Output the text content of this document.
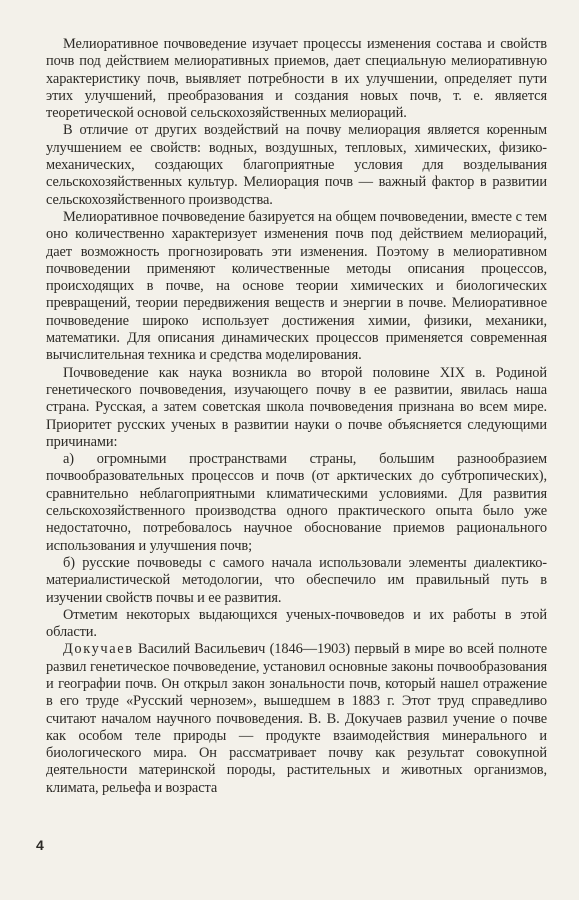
Мелиоративное почвоведение изучает процессы изменения состава и свойств почв под действием мелиоративных приемов, дает специальную мелиоративную характеристику почв, выявляет потребности в их улучшении, определяет пути этих улучшений, преобразования и создания новых почв, т. е. является теоретической основой сельскохозяйственных мелиораций.

В отличие от других воздействий на почву мелиорация является коренным улучшением ее свойств: водных, воздушных, тепловых, химических, физико-механических, создающих благоприятные условия для возделывания сельскохозяйственных культур. Мелиорация почв — важный фактор в развитии сельскохозяйственного производства.

Мелиоративное почвоведение базируется на общем почвоведении, вместе с тем оно количественно характеризует изменения почв под действием мелиораций, дает возможность прогнозировать эти изменения. Поэтому в мелиоративном почвоведении применяют количественные методы описания процессов, происходящих в почве, на основе теории химических и биологических превращений, теории передвижения веществ и энергии в почве. Мелиоративное почвоведение широко использует достижения химии, физики, механики, математики. Для описания динамических процессов применяется современная вычислительная техника и средства моделирования.

Почвоведение как наука возникла во второй половине XIX в. Родиной генетического почвоведения, изучающего почву в ее развитии, явилась наша страна. Русская, а затем советская школа почвоведения признана во всем мире. Приоритет русских ученых в развитии науки о почве объясняется следующими причинами:

а) огромными пространствами страны, большим разнообразием почвообразовательных процессов и почв (от арктических до субтропических), сравнительно неблагоприятными климатическими условиями. Для развития сельскохозяйственного производства одного практического опыта было уже недостаточно, потребовалось научное обоснование приемов рационального использования и улучшения почв;

б) русские почвоведы с самого начала использовали элементы диалектико-материалистической методологии, что обеспечило им правильный путь в изучении свойств почвы и ее развития.

Отметим некоторых выдающихся ученых-почвоведов и их работы в этой области.

Докучаев Василий Васильевич (1846—1903) первый в мире во всей полноте развил генетическое почвоведение, установил основные законы почвообразования и географии почв. Он открыл закон зональности почв, который нашел отражение в его труде «Русский чернозем», вышедшем в 1883 г. Этот труд справедливо считают началом научного почвоведения. В. В. Докучаев развил учение о почве как особом теле природы — продукте взаимодействия минерального и биологического мира. Он рассматривает почву как результат совокупной деятельности материнской породы, растительных и животных организмов, климата, рельефа и возраста

4
